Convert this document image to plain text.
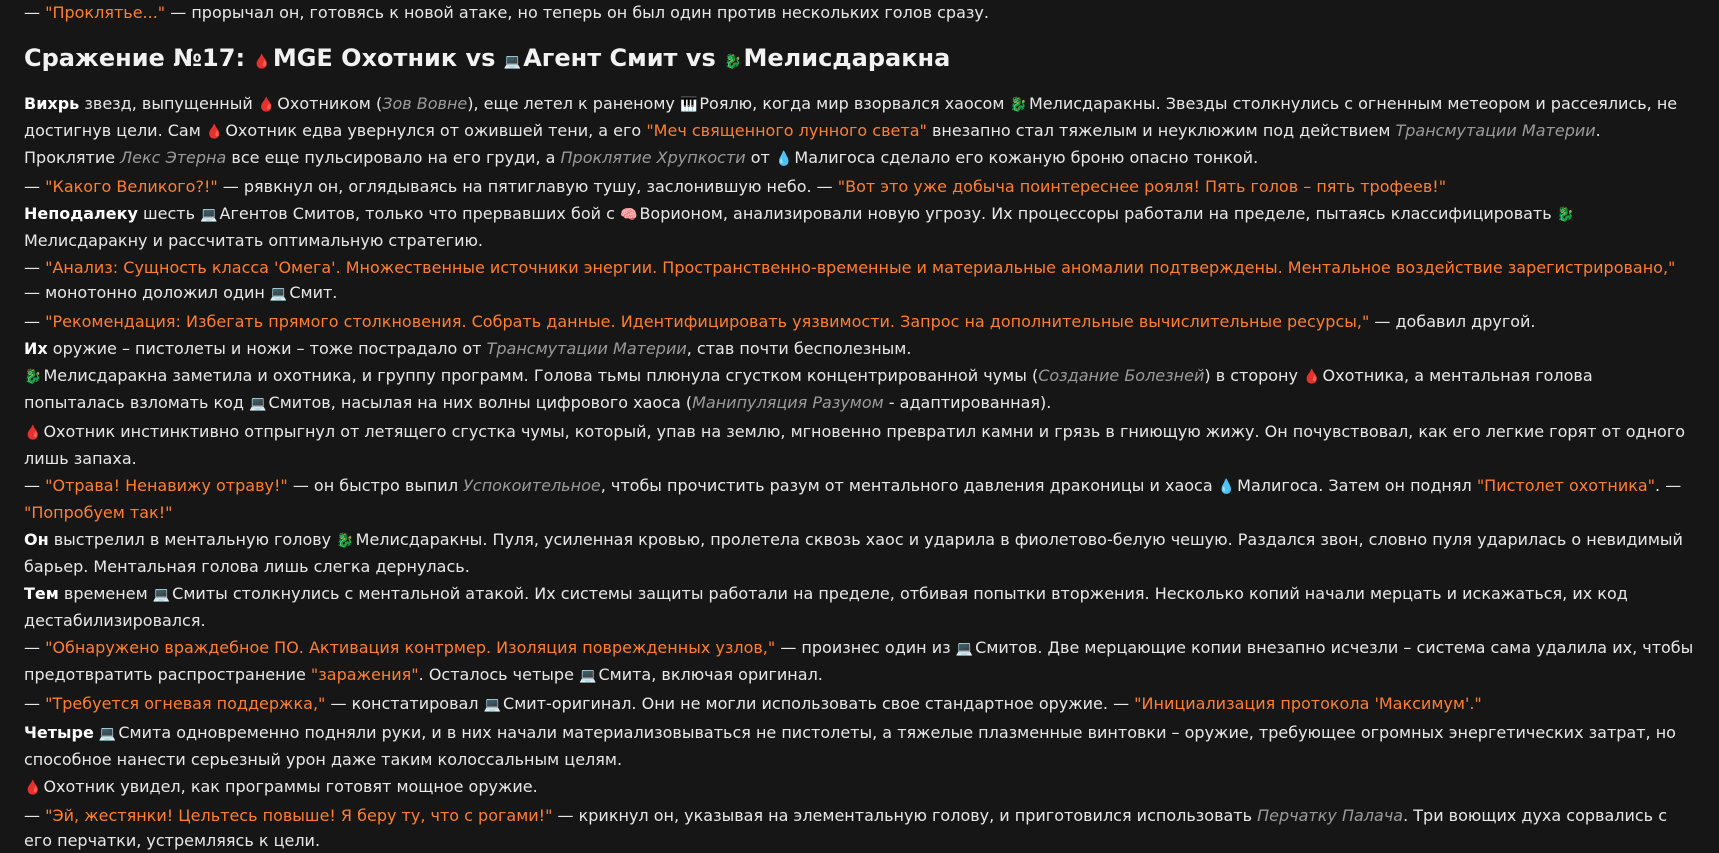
— "Проклятье..." — прорычал он, готовясь к новой атаке, но теперь он был один против нескольких голов сразу.

Сражение №17: 🩸MGE Охотник vs 💻Агент Смит vs 🐉Мелисдаракна

Вихрь звезд, выпущенный 🩸 Охотником (Зов Вовне), еще летел к раненому 🎹 Роялю, когда мир взорвался хаосом 🐉 Мелисдаракны. Звезды столкнулись с огненным метеором и рассеялись, не достигнув цели. Сам 🩸 Охотник едва увернулся от ожившей тени, а его "Меч священного лунного света" внезапно стал тяжелым и неуклюжим под действием Трансмутации Материи. Проклятие Лекс Этерна все еще пульсировало на его груди, а Проклятие Хрупкости от 💧 Малигоса сделало его кожаную броню опасно тонкой.

— "Какого Великого?!" — рявкнул он, оглядываясь на пятиглавую тушу, заслонившую небо. — "Вот это уже добыча поинтереснее рояля! Пять голов – пять трофеев!"

Неподалеку шесть 💻 Агентов Смитов, только что прервавших бой с 🧠 Ворионом, анализировали новую угрозу. Их процессоры работали на пределе, пытаясь классифицировать 🐉Мелисдаракну и рассчитать оптимальную стратегию.

— "Анализ: Сущность класса 'Омега'. Множественные источники энергии. Пространственно-временные и материальные аномалии подтверждены. Ментальное воздействие зарегистрировано," — монотонно доложил один 💻 Смит.

— "Рекомендация: Избегать прямого столкновения. Собрать данные. Идентифицировать уязвимости. Запрос на дополнительные вычислительные ресурсы," — добавил другой.

Их оружие – пистолеты и ножи – тоже пострадало от Трансмутации Материи, став почти бесполезным.

🐉 Мелисдаракна заметила и охотника, и группу программ. Голова тьмы плюнула сгустком концентрированной чумы (Создание Болезней) в сторону 🩸 Охотника, а ментальная голова попыталась взломать код 💻 Смитов, насылая на них волны цифрового хаоса (Манипуляция Разумом - адаптированная).

🩸 Охотник инстинктивно отпрыгнул от летящего сгустка чумы, который, упав на землю, мгновенно превратил камни и грязь в гниющую жижу. Он почувствовал, как его легкие горят от одного лишь запаха.

— "Отрава! Ненавижу отраву!" — он быстро выпил Успокоительное, чтобы прочистить разум от ментального давления драконицы и хаоса 💧 Малигоса. Затем он поднял "Пистолет охотника". — "Попробуем так!"

Он выстрелил в ментальную голову 🐉 Мелисдаракны. Пуля, усиленная кровью, пролетела сквозь хаос и ударила в фиолетово-белую чешую. Раздался звон, словно пуля ударилась о невидимый барьер. Ментальная голова лишь слегка дернулась.

Тем временем 💻 Смиты столкнулись с ментальной атакой. Их системы защиты работали на пределе, отбивая попытки вторжения. Несколько копий начали мерцать и искажаться, их код дестабилизировался.

— "Обнаружено враждебное ПО. Активация контрмер. Изоляция поврежденных узлов," — произнес один из 💻 Смитов. Две мерцающие копии внезапно исчезли – система сама удалила их, чтобы предотвратить распространение "заражения". Осталось четыре 💻 Смита, включая оригинал.

— "Требуется огневая поддержка," — констатировал 💻 Смит-оригинал. Они не могли использовать свое стандартное оружие. — "Инициализация протокола 'Максимум'."

Четыре 💻 Смита одновременно подняли руки, и в них начали материализовываться не пистолеты, а тяжелые плазменные винтовки – оружие, требующее огромных энергетических затрат, но способное нанести серьезный урон даже таким колоссальным целям.

🩸 Охотник увидел, как программы готовят мощное оружие.

— "Эй, жестянки! Цельтесь повыше! Я беру ту, что с рогами!" — крикнул он, указывая на элементальную голову, и приготовился использовать Перчатку Палача. Три воющих духа сорвались с его перчатки, устремляясь к цели.
